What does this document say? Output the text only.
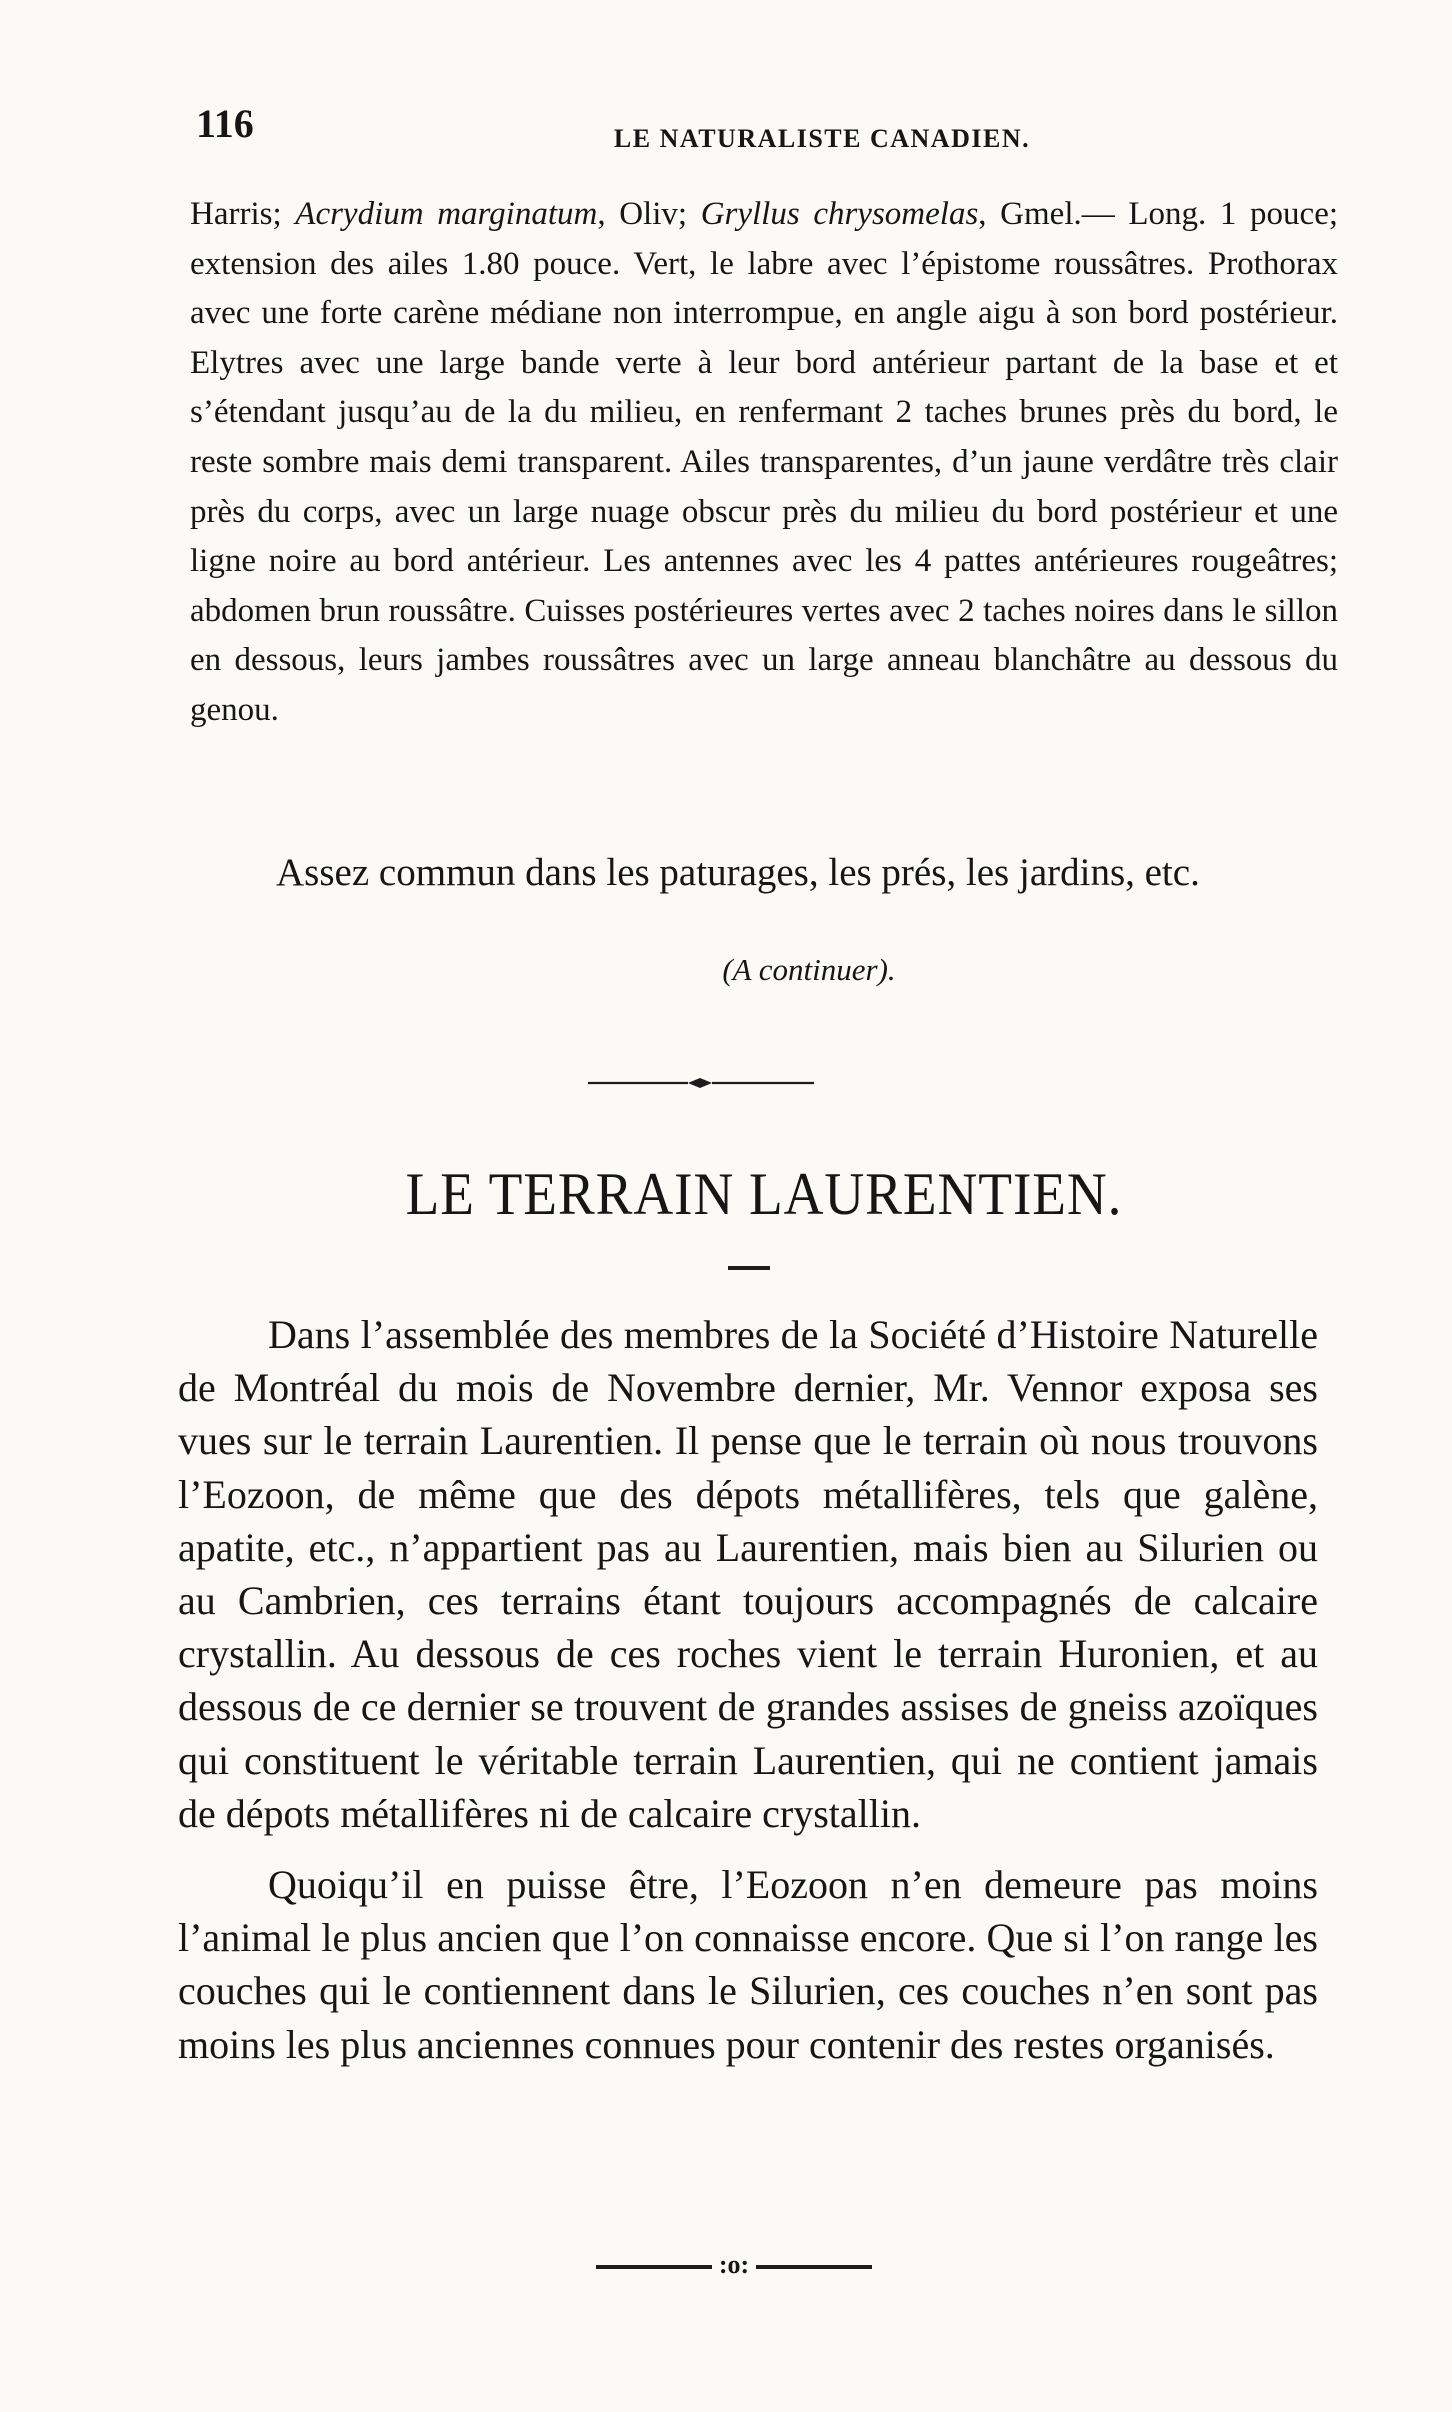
116	LE NATURALISTE CANADIEN.

Harris; Acrydium marginatum, Oliv; Gryllus chrysomelas, Gmel.— Long. 1 pouce; extension des ailes 1.80 pouce. Vert, le labre avec l’épistome roussâtres. Prothorax avec une forte carène médiane non interrompue, en angle aigu à son bord postérieur. Elytres avec une large bande verte à leur bord antérieur partant de la base et et s’étendant jusqu’au de la du milieu, en renfermant 2 taches brunes près du bord, le reste sombre mais demi transparent. Ailes transparentes, d’un jaune verdâtre très clair près du corps, avec un large nuage obscur près du milieu du bord postérieur et une ligne noire au bord antérieur. Les antennes avec les 4 pattes antérieures rougeâtres; abdomen brun roussâtre. Cuisses postérieures vertes avec 2 taches noires dans le sillon en dessous, leurs jambes roussâtres avec un large anneau blanchâtre au dessous du genou.

Assez commun dans les paturages, les prés, les jardins, etc.

(A continuer).

LE TERRAIN LAURENTIEN.

Dans l’assemblée des membres de la Société d’Histoire Naturelle de Montréal du mois de Novembre dernier, Mr. Vennor exposa ses vues sur le terrain Laurentien. Il pense que le terrain où nous trouvons l’Eozoon, de même que des dépots métallifères, tels que galène, apatite, etc., n’appartient pas au Laurentien, mais bien au Silurien ou au Cambrien, ces terrains étant toujours accompagnés de calcaire crystallin. Au dessous de ces roches vient le terrain Huronien, et au dessous de ce dernier se trouvent de grandes assises de gneiss azoïques qui constituent le véritable terrain Laurentien, qui ne contient jamais de dépots métallifères ni de calcaire crystallin.

Quoiqu’il en puisse être, l’Eozoon n’en demeure pas moins l’animal le plus ancien que l’on connaisse encore. Que si l’on range les couches qui le contiennent dans le Silurien, ces couches n’en sont pas moins les plus anciennes connues pour contenir des restes organisés.

:o:
